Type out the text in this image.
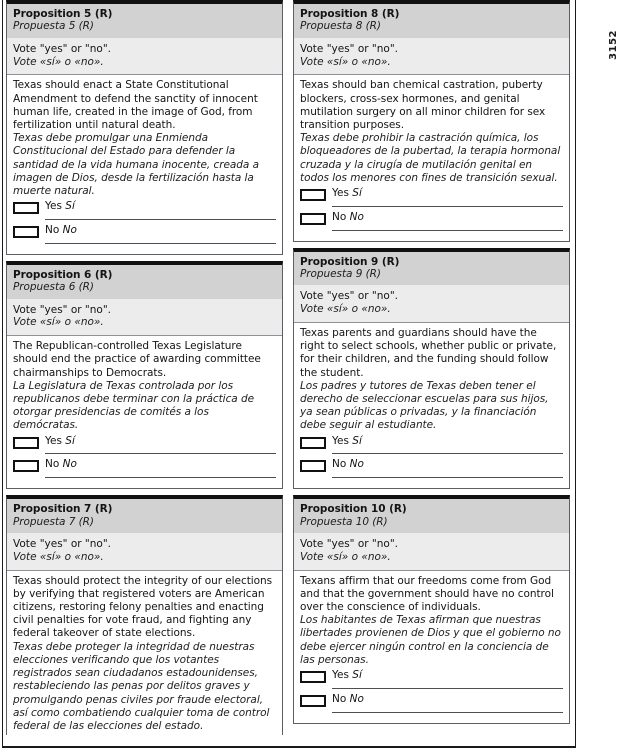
Proposition 5 (R)
Propuesta 5 (R)
Vote "yes" or "no".
Vote «sí» o «no».
Texas should enact a State Constitutional Amendment to defend the sanctity of innocent human life, created in the image of God, from fertilization until natural death.
Texas debe promulgar una Enmienda Constitucional del Estado para defender la santidad de la vida humana inocente, creada a imagen de Dios, desde la fertilización hasta la muerte natural.
Yes Sí
No No
Proposition 6 (R)
Propuesta 6 (R)
Vote "yes" or "no".
Vote «sí» o «no».
The Republican-controlled Texas Legislature should end the practice of awarding committee chairmanships to Democrats.
La Legislatura de Texas controlada por los republicanos debe terminar con la práctica de otorgar presidencias de comités a los demócratas.
Yes Sí
No No
Proposition 7 (R)
Propuesta 7 (R)
Vote "yes" or "no".
Vote «sí» o «no».
Texas should protect the integrity of our elections by verifying that registered voters are American citizens, restoring felony penalties and enacting civil penalties for vote fraud, and fighting any federal takeover of state elections.
Texas debe proteger la integridad de nuestras elecciones verificando que los votantes registrados sean ciudadanos estadounidenses, restableciendo las penas por delitos graves y promulgando penas civiles por fraude electoral, así como combatiendo cualquier toma de control federal de las elecciones del estado.
Proposition 8 (R)
Propuesta 8 (R)
Vote "yes" or "no".
Vote «sí» o «no».
Texas should ban chemical castration, puberty blockers, cross-sex hormones, and genital mutilation surgery on all minor children for sex transition purposes.
Texas debe prohibir la castración química, los bloqueadores de la pubertad, la terapia hormonal cruzada y la cirugía de mutilación genital en todos los menores con fines de transición sexual.
Yes Sí
No No
Proposition 9 (R)
Propuesta 9 (R)
Vote "yes" or "no".
Vote «sí» o «no».
Texas parents and guardians should have the right to select schools, whether public or private, for their children, and the funding should follow the student.
Los padres y tutores de Texas deben tener el derecho de seleccionar escuelas para sus hijos, ya sean públicas o privadas, y la financiación debe seguir al estudiante.
Yes Sí
No No
Proposition 10 (R)
Propuesta 10 (R)
Vote "yes" or "no".
Vote «sí» o «no».
Texans affirm that our freedoms come from God and that the government should have no control over the conscience of individuals.
Los habitantes de Texas afirman que nuestras libertades provienen de Dios y que el gobierno no debe ejercer ningún control en la conciencia de las personas.
Yes Sí
No No
3152
